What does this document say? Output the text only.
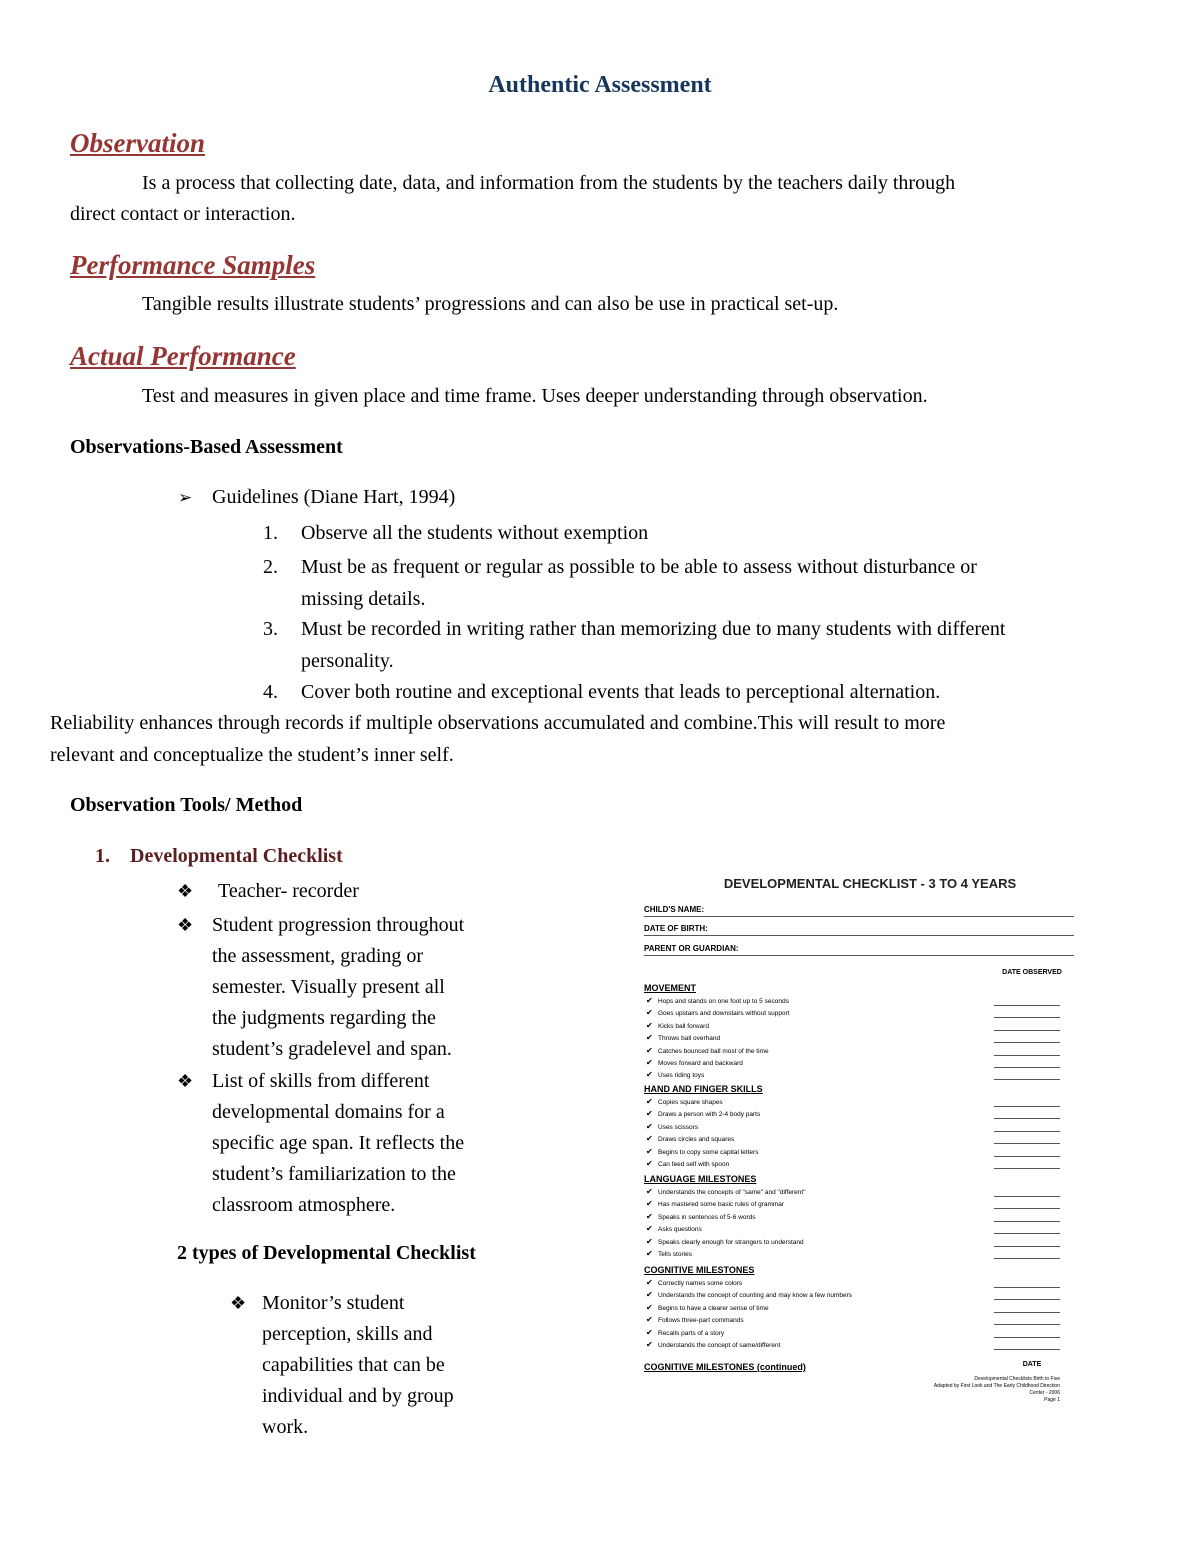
Authentic Assessment
Observation
Is a process that collecting date, data, and information from the students by the teachers daily through
direct contact or interaction.
Performance Samples
Tangible results illustrate students’ progressions and can also be use in practical set-up.
Actual Performance
Test and measures in given place and time frame. Uses deeper understanding through observation.
Observations-Based Assessment
➢ Guidelines (Diane Hart, 1994)
1.	Observe all the students without exemption
2.	Must be as frequent or regular as possible to be able to assess without disturbance or
missing details.
3.	Must be recorded in writing rather than memorizing due to many students with different
personality.
4.	Cover both routine and exceptional events that leads to perceptional alternation.
Reliability enhances through records if multiple observations accumulated and combine.This will result to more
relevant and conceptualize the student’s inner self.
Observation Tools/ Method
1. Developmental Checklist
❖ Teacher- recorder
❖ Student progression throughout
the assessment, grading or
semester. Visually present all
the judgments regarding the
student’s gradelevel and span.
❖ List of skills from different
developmental domains for a
specific age span. It reflects the
student’s familiarization to the
classroom atmosphere.
2 types of Developmental Checklist
❖ Monitor’s student
perception, skills and
capabilities that can be
individual and by group
work.
DEVELOPMENTAL CHECKLIST - 3 TO 4 YEARS
CHILD'S NAME:
DATE OF BIRTH:
PARENT OR GUARDIAN:
DATE OBSERVED
MOVEMENT
✔ Hops and stands on one foot up to 5 seconds
✔ Goes upstairs and downstairs without support
✔ Kicks ball forward
✔ Throws ball overhand
✔ Catches bounced ball most of the time
✔ Moves forward and backward
✔ Uses riding toys
HAND AND FINGER SKILLS
✔ Copies square shapes
✔ Draws a person with 2-4 body parts
✔ Uses scissors
✔ Draws circles and squares
✔ Begins to copy some capital letters
✔ Can feed self with spoon
LANGUAGE MILESTONES
✔ Understands the concepts of "same" and "different"
✔ Has mastered some basic rules of grammar
✔ Speaks in sentences of 5-6 words
✔ Asks questions
✔ Speaks clearly enough for strangers to understand
✔ Tells stories
COGNITIVE MILESTONES
✔ Correctly names some colors
✔ Understands the concept of counting and may know a few numbers
✔ Begins to have a clearer sense of time
✔ Follows three-part commands
✔ Recalls parts of a story
✔ Understands the concept of same/different
COGNITIVE MILESTONES (continued)	DATE
Developmental Checklists Birth to Five
Adapted by First Look and The Early Childhood Direction Center - 2006
Page 1
